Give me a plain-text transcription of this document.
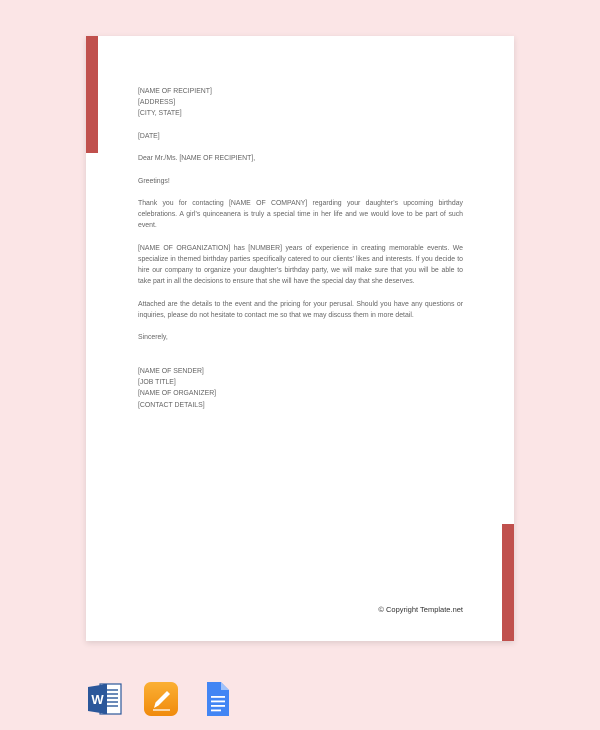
[NAME OF RECIPIENT]

[ADDRESS]

[CITY, STATE]

[DATE]

Dear Mr./Ms. [NAME OF RECIPIENT],

Greetings!

Thank you for contacting [NAME OF COMPANY] regarding your daughter’s upcoming birthday celebrations. A girl’s quinceanera is truly a special time in her life and we would love to be part of such event.

[NAME OF ORGANIZATION] has [NUMBER] years of experience in creating memorable events. We specialize in themed birthday parties specifically catered to our clients’ likes and interests. If you decide to hire our company to organize your daughter’s birthday party, we will make sure that you will be able to take part in all the decisions to ensure that she will have the special day that she deserves.

Attached are the details to the event and the pricing for your perusal. Should you have any questions or inquiries, please do not hesitate to contact me so that we may discuss them in more detail.

Sincerely,

[NAME OF SENDER]

[JOB TITLE]

[NAME OF ORGANIZER]

[CONTACT DETAILS]

© Copyright Template.net
W
